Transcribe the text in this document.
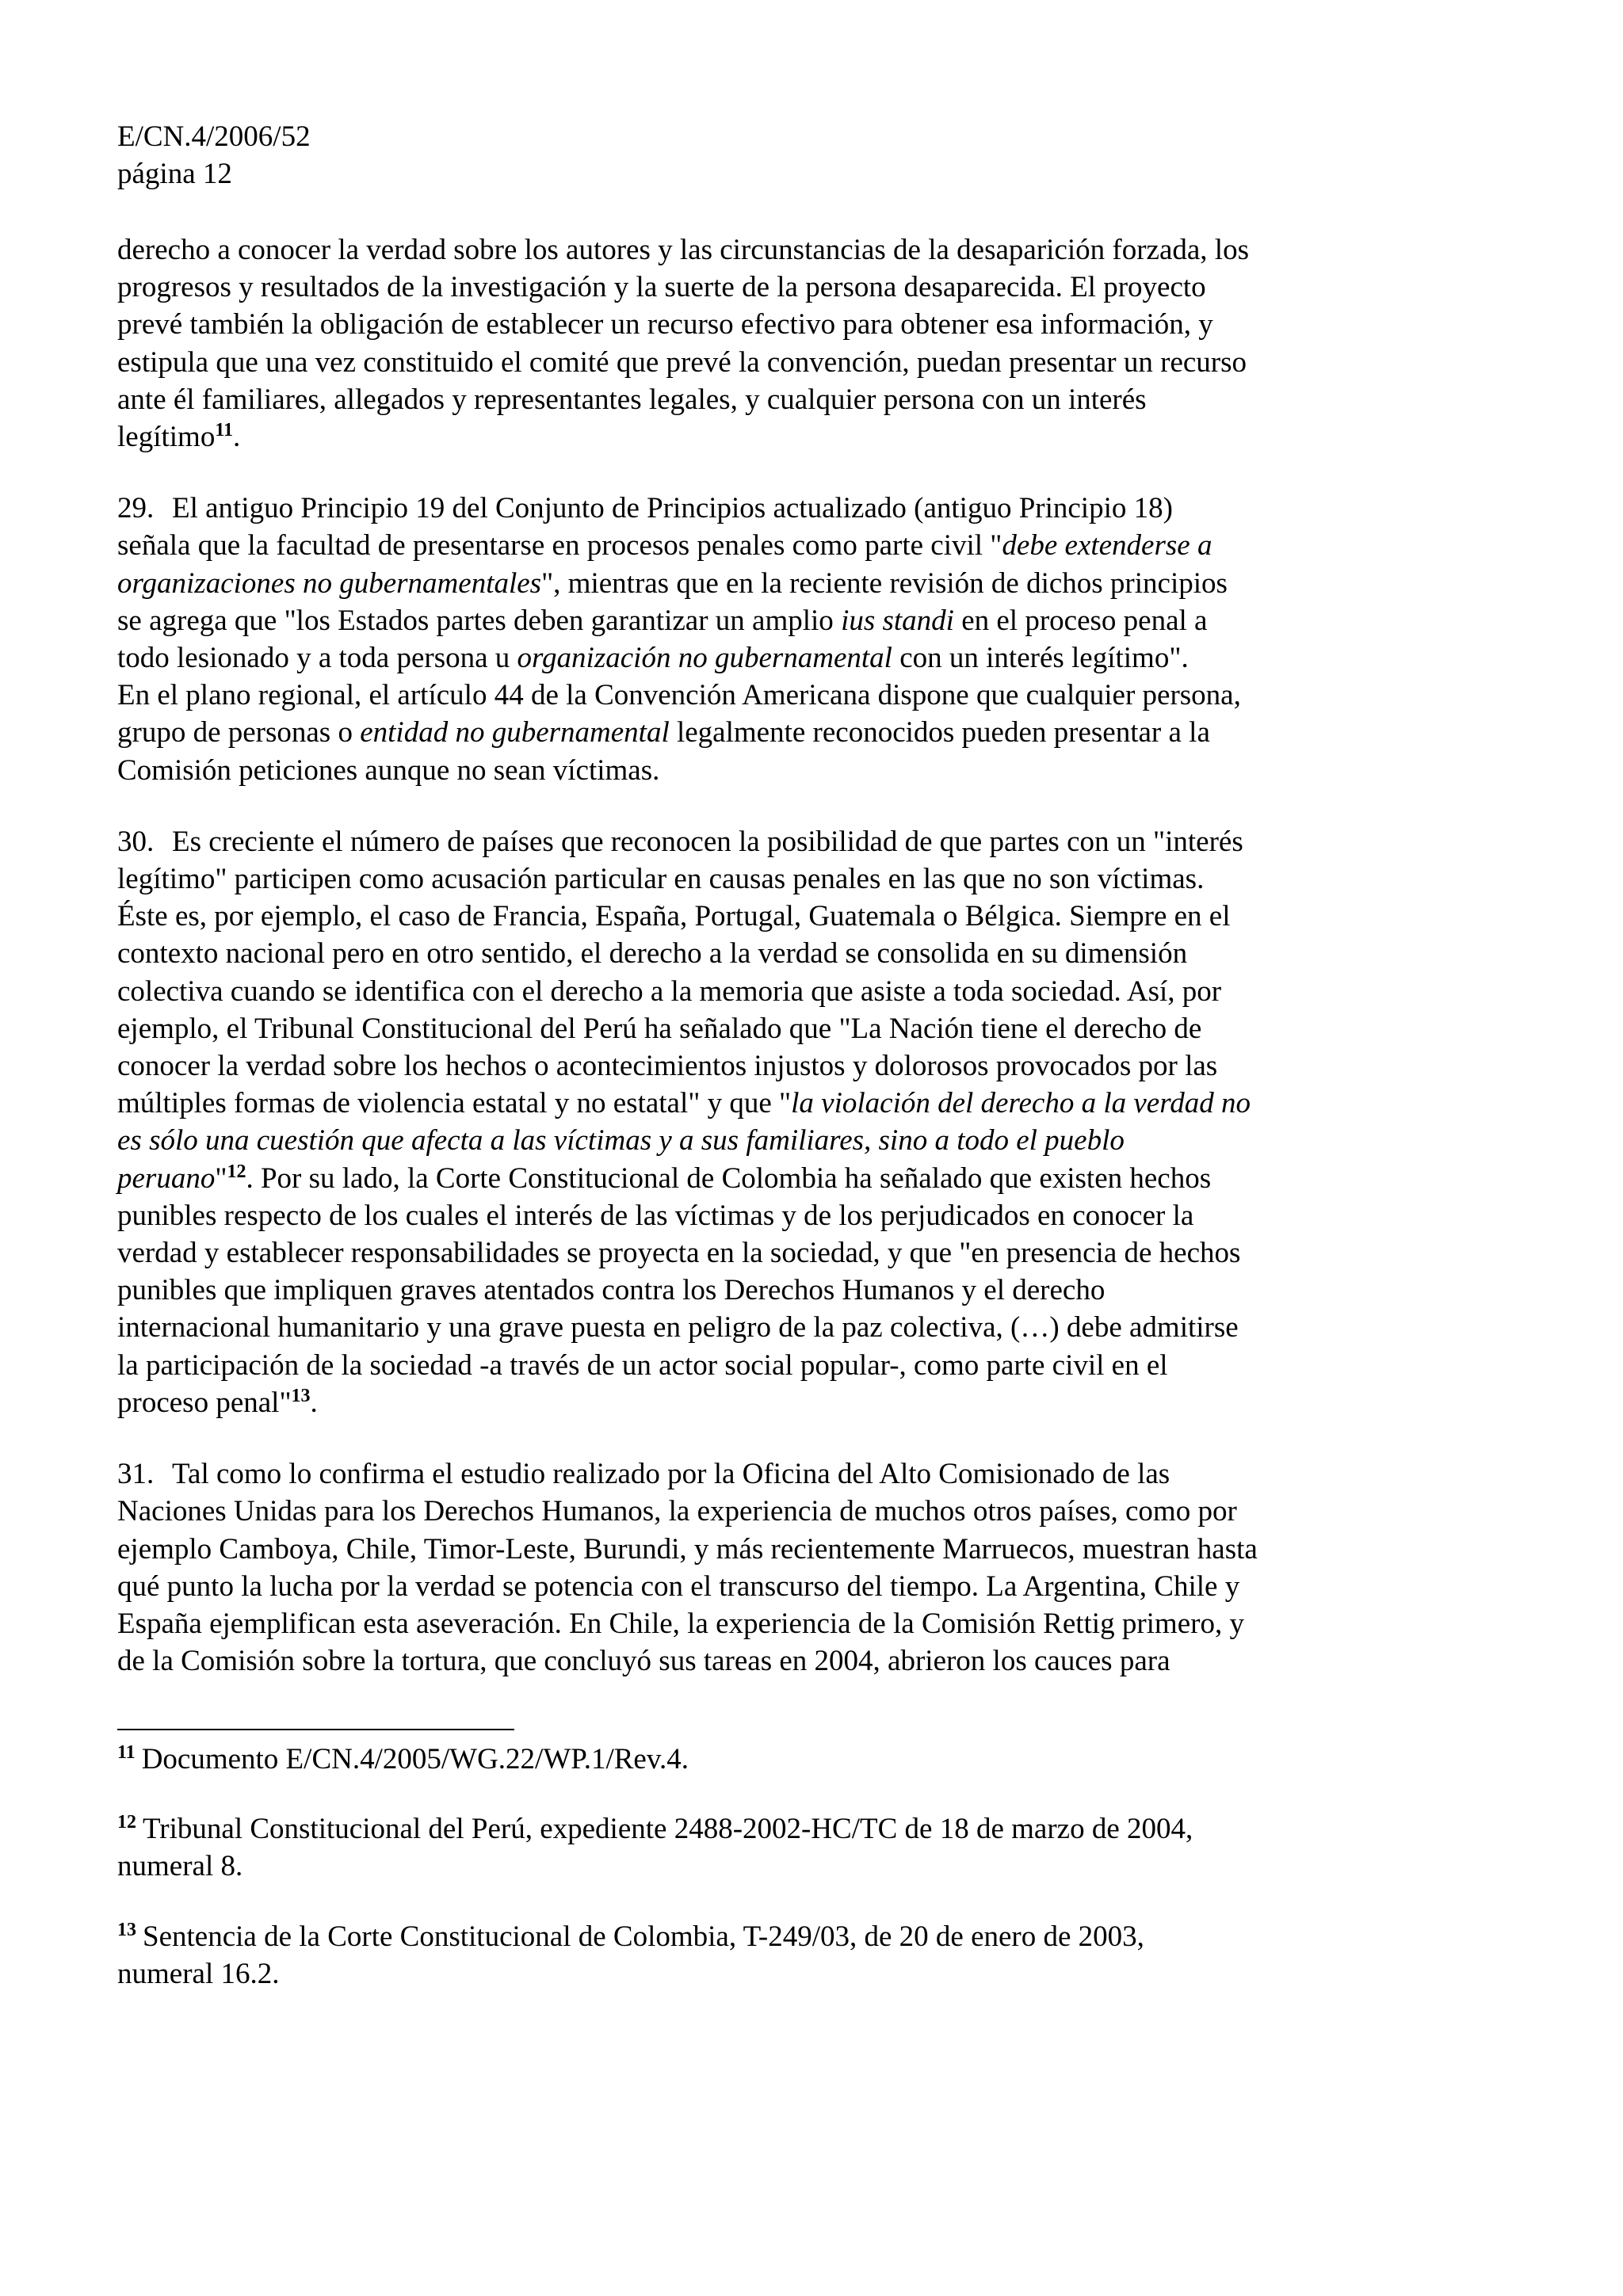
E/CN.4/2006/52
página 12
derecho a conocer la verdad sobre los autores y las circunstancias de la desaparición forzada, los
progresos y resultados de la investigación y la suerte de la persona desaparecida. El proyecto
prevé también la obligación de establecer un recurso efectivo para obtener esa información, y
estipula que una vez constituido el comité que prevé la convención, puedan presentar un recurso
ante él familiares, allegados y representantes legales, y cualquier persona con un interés
legítimo$^{11}$.
29. El antiguo Principio 19 del Conjunto de Principios actualizado (antiguo Principio 18)
señala que la facultad de presentarse en procesos penales como parte civil "debe extenderse a
organizaciones no gubernamentales", mientras que en la reciente revisión de dichos principios
se agrega que "los Estados partes deben garantizar un amplio ius standi en el proceso penal a
todo lesionado y a toda persona u organización no gubernamental con un interés legítimo".
En el plano regional, el artículo 44 de la Convención Americana dispone que cualquier persona,
grupo de personas o entidad no gubernamental legalmente reconocidos pueden presentar a la
Comisión peticiones aunque no sean víctimas.
30. Es creciente el número de países que reconocen la posibilidad de que partes con un "interés
legítimo" participen como acusación particular en causas penales en las que no son víctimas.
Éste es, por ejemplo, el caso de Francia, España, Portugal, Guatemala o Bélgica. Siempre en el
contexto nacional pero en otro sentido, el derecho a la verdad se consolida en su dimensión
colectiva cuando se identifica con el derecho a la memoria que asiste a toda sociedad. Así, por
ejemplo, el Tribunal Constitucional del Perú ha señalado que "La Nación tiene el derecho de
conocer la verdad sobre los hechos o acontecimientos injustos y dolorosos provocados por las
múltiples formas de violencia estatal y no estatal" y que "la violación del derecho a la verdad no
es sólo una cuestión que afecta a las víctimas y a sus familiares, sino a todo el pueblo
peruano"$^{12}$. Por su lado, la Corte Constitucional de Colombia ha señalado que existen hechos
punibles respecto de los cuales el interés de las víctimas y de los perjudicados en conocer la
verdad y establecer responsabilidades se proyecta en la sociedad, y que "en presencia de hechos
punibles que impliquen graves atentados contra los Derechos Humanos y el derecho
internacional humanitario y una grave puesta en peligro de la paz colectiva, (…) debe admitirse
la participación de la sociedad -a través de un actor social popular-, como parte civil en el
proceso penal"$^{13}$.
31. Tal como lo confirma el estudio realizado por la Oficina del Alto Comisionado de las
Naciones Unidas para los Derechos Humanos, la experiencia de muchos otros países, como por
ejemplo Camboya, Chile, Timor-Leste, Burundi, y más recientemente Marruecos, muestran hasta
qué punto la lucha por la verdad se potencia con el transcurso del tiempo. La Argentina, Chile y
España ejemplifican esta aseveración. En Chile, la experiencia de la Comisión Rettig primero, y
de la Comisión sobre la tortura, que concluyó sus tareas en 2004, abrieron los cauces para
$^{11}$ Documento E/CN.4/2005/WG.22/WP.1/Rev.4.
$^{12}$ Tribunal Constitucional del Perú, expediente 2488-2002-HC/TC de 18 de marzo de 2004,
numeral 8.
$^{13}$ Sentencia de la Corte Constitucional de Colombia, T-249/03, de 20 de enero de 2003,
numeral 16.2.
